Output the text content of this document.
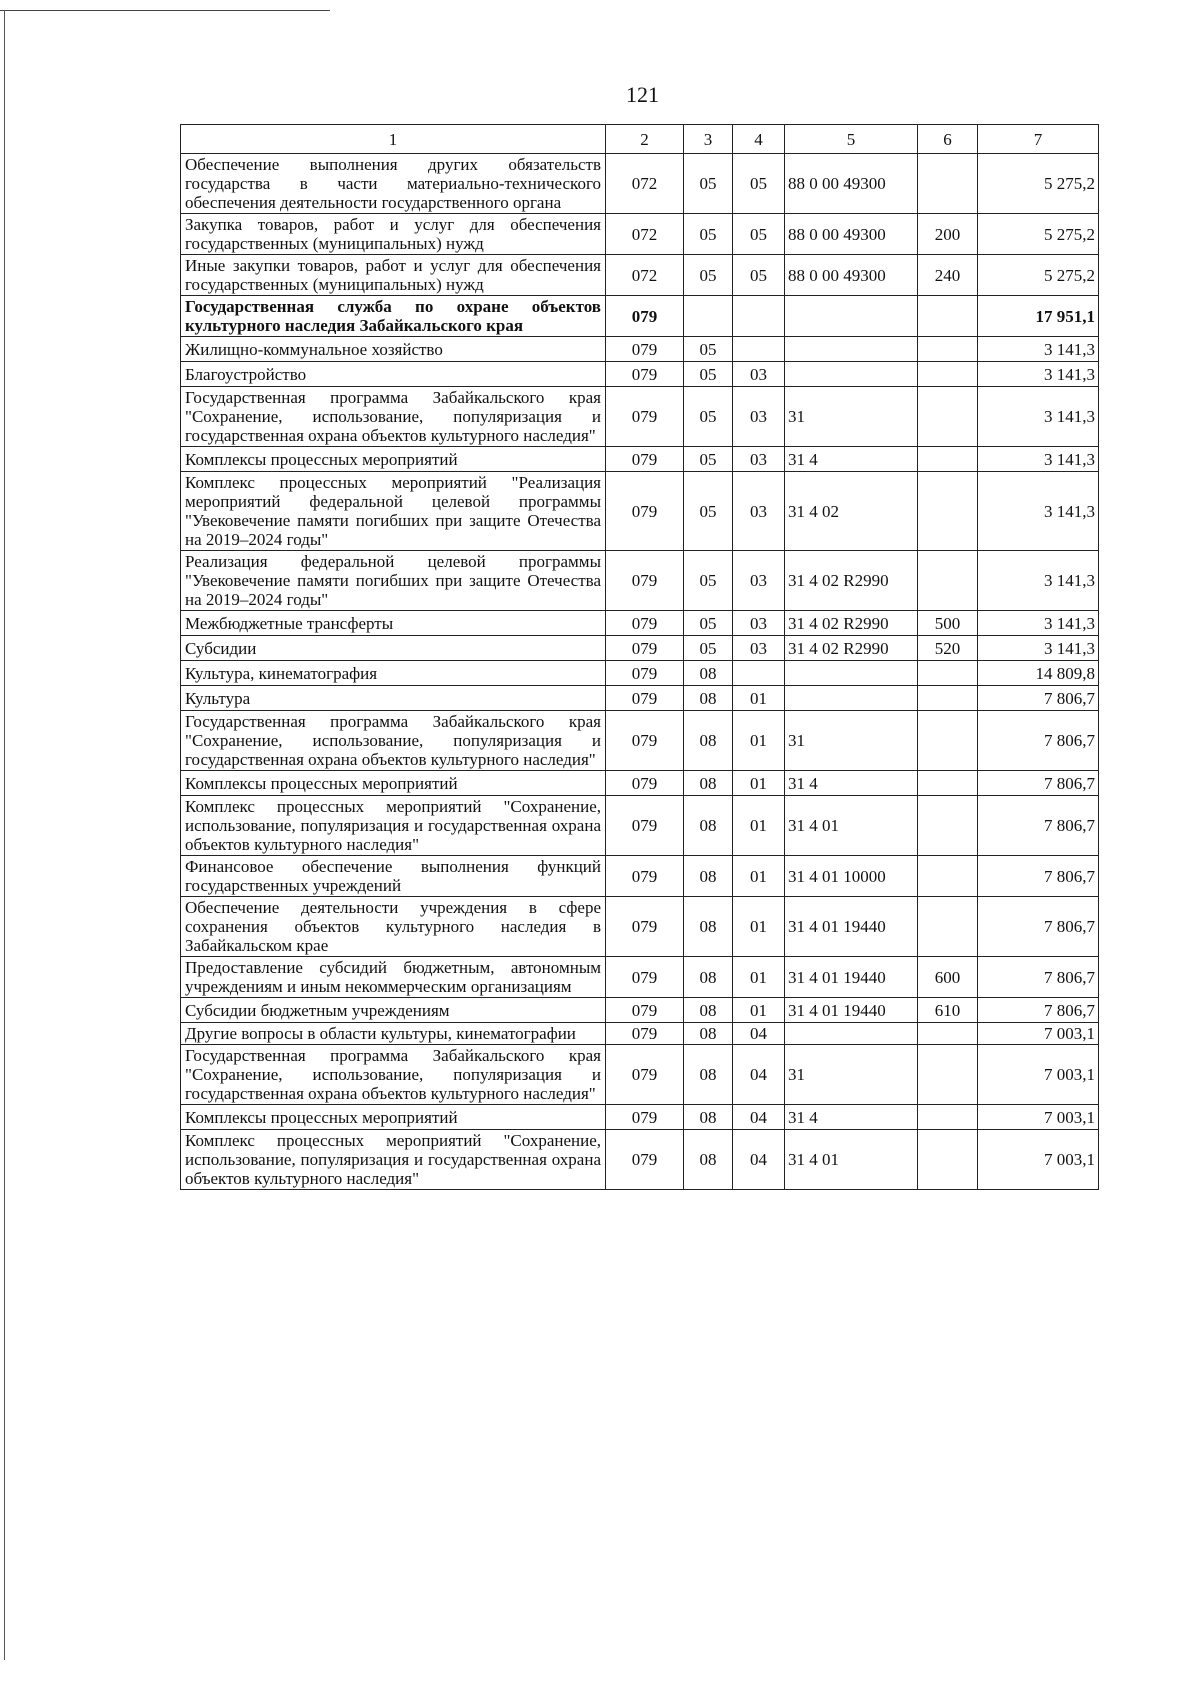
121
1	2	3	4	5	6	7
Обеспечение выполнения других обязательств государства в части материально-технического обеспечения деятельности государственного органа	072	05	05	88 0 00 49300		5 275,2
Закупка товаров, работ и услуг для обеспечения государственных (муниципальных) нужд	072	05	05	88 0 00 49300	200	5 275,2
Иные закупки товаров, работ и услуг для обеспечения государственных (муниципальных) нужд	072	05	05	88 0 00 49300	240	5 275,2
Государственная служба по охране объектов культурного наследия Забайкальского края	079					17 951,1
Жилищно-коммунальное хозяйство	079	05				3 141,3
Благоустройство	079	05	03			3 141,3
Государственная программа Забайкальского края "Сохранение, использование, популяризация и государственная охрана объектов культурного наследия"	079	05	03	31		3 141,3
Комплексы процессных мероприятий	079	05	03	31 4		3 141,3
Комплекс процессных мероприятий "Реализация мероприятий федеральной целевой программы "Увековечение памяти погибших при защите Отечества на 2019–2024 годы"	079	05	03	31 4 02		3 141,3
Реализация федеральной целевой программы "Увековечение памяти погибших при защите Отечества на 2019–2024 годы"	079	05	03	31 4 02 R2990		3 141,3
Межбюджетные трансферты	079	05	03	31 4 02 R2990	500	3 141,3
Субсидии	079	05	03	31 4 02 R2990	520	3 141,3
Культура, кинематография	079	08				14 809,8
Культура	079	08	01			7 806,7
Государственная программа Забайкальского края "Сохранение, использование, популяризация и государственная охрана объектов культурного наследия"	079	08	01	31		7 806,7
Комплексы процессных мероприятий	079	08	01	31 4		7 806,7
Комплекс процессных мероприятий "Сохранение, использование, популяризация и государственная охрана объектов культурного наследия"	079	08	01	31 4 01		7 806,7
Финансовое обеспечение выполнения функций государственных учреждений	079	08	01	31 4 01 10000		7 806,7
Обеспечение деятельности учреждения в сфере сохранения объектов культурного наследия в Забайкальском крае	079	08	01	31 4 01 19440		7 806,7
Предоставление субсидий бюджетным, автономным учреждениям и иным некоммерческим организациям	079	08	01	31 4 01 19440	600	7 806,7
Субсидии бюджетным учреждениям	079	08	01	31 4 01 19440	610	7 806,7
Другие вопросы в области культуры, кинематографии	079	08	04			7 003,1
Государственная программа Забайкальского края "Сохранение, использование, популяризация и государственная охрана объектов культурного наследия"	079	08	04	31		7 003,1
Комплексы процессных мероприятий	079	08	04	31 4		7 003,1
Комплекс процессных мероприятий "Сохранение, использование, популяризация и государственная охрана объектов культурного наследия"	079	08	04	31 4 01		7 003,1
